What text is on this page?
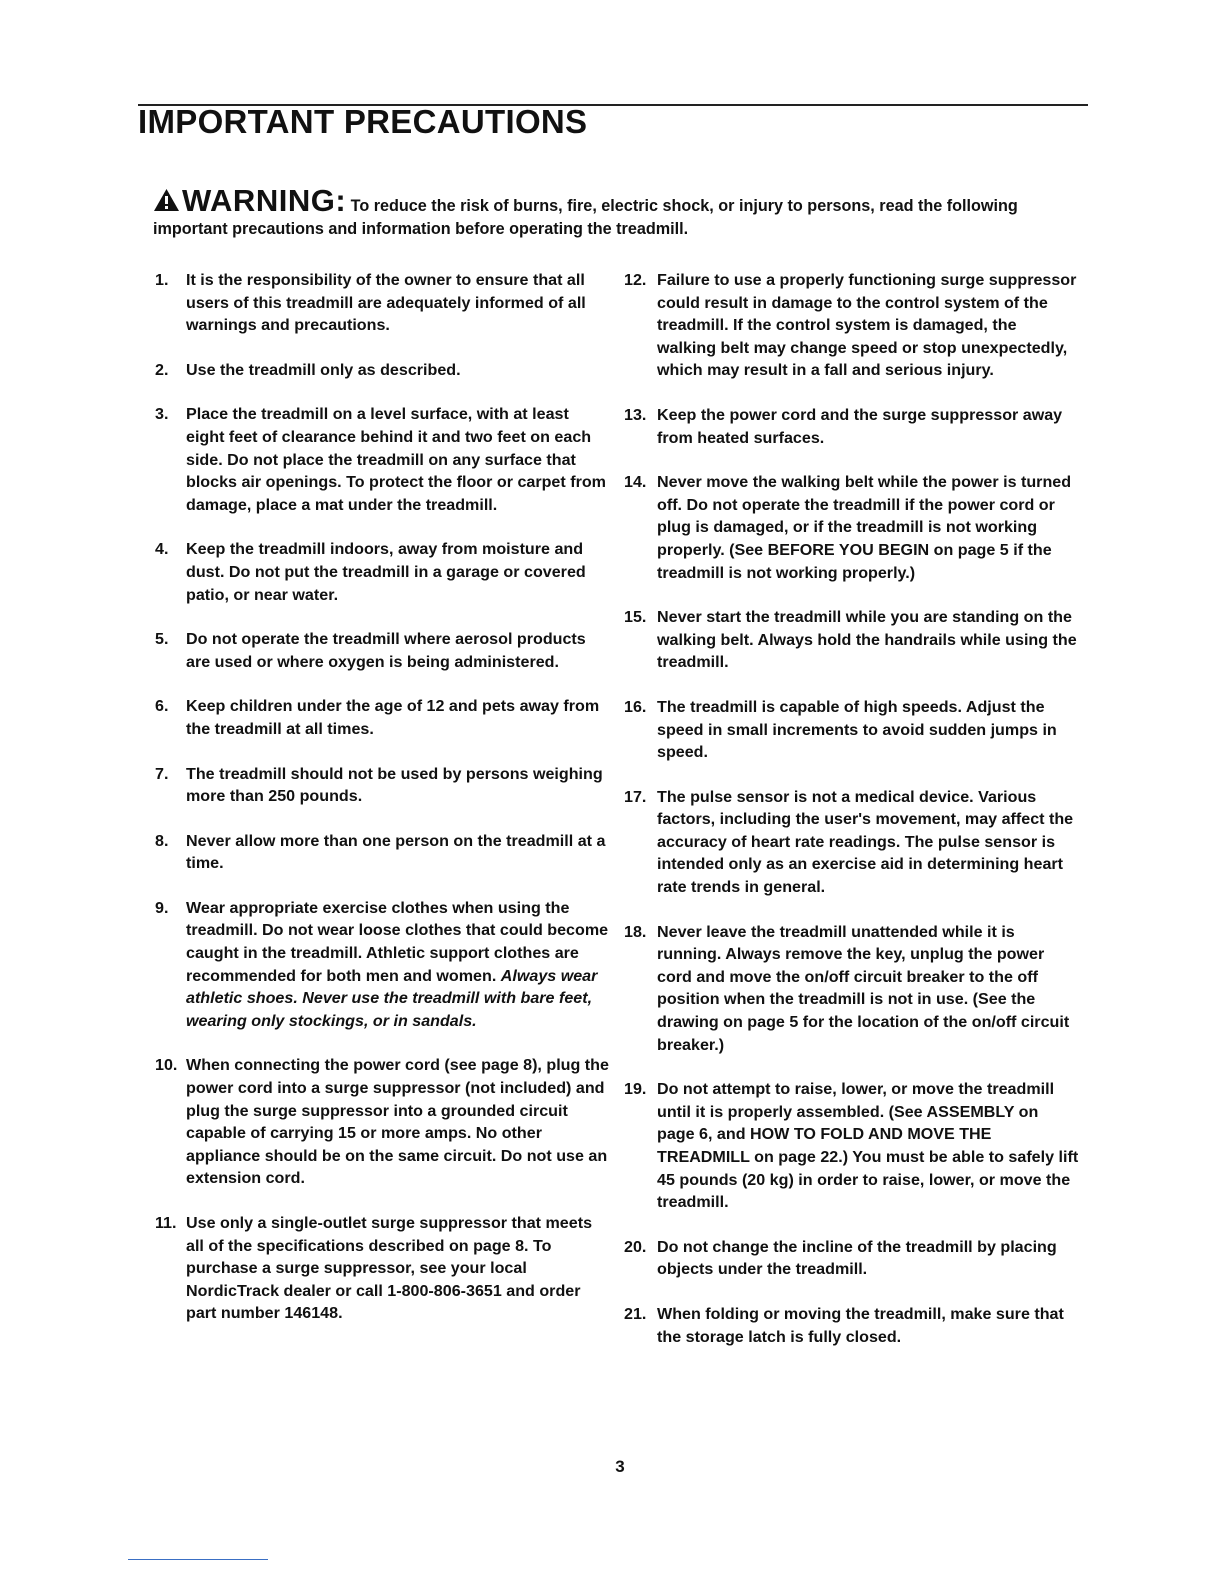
IMPORTANT PRECAUTIONS
WARNING: To reduce the risk of burns, fire, electric shock, or injury to persons, read the following important precautions and information before operating the treadmill.
1. It is the responsibility of the owner to ensure that all users of this treadmill are adequately informed of all warnings and precautions.
2. Use the treadmill only as described.
3. Place the treadmill on a level surface, with at least eight feet of clearance behind it and two feet on each side. Do not place the treadmill on any surface that blocks air openings. To protect the floor or carpet from damage, place a mat under the treadmill.
4. Keep the treadmill indoors, away from moisture and dust. Do not put the treadmill in a garage or covered patio, or near water.
5. Do not operate the treadmill where aerosol products are used or where oxygen is being administered.
6. Keep children under the age of 12 and pets away from the treadmill at all times.
7. The treadmill should not be used by persons weighing more than 250 pounds.
8. Never allow more than one person on the treadmill at a time.
9. Wear appropriate exercise clothes when using the treadmill. Do not wear loose clothes that could become caught in the treadmill. Athletic support clothes are recommended for both men and women. Always wear athletic shoes. Never use the treadmill with bare feet, wearing only stockings, or in sandals.
10. When connecting the power cord (see page 8), plug the power cord into a surge suppressor (not included) and plug the surge suppressor into a grounded circuit capable of carrying 15 or more amps. No other appliance should be on the same circuit. Do not use an extension cord.
11. Use only a single-outlet surge suppressor that meets all of the specifications described on page 8. To purchase a surge suppressor, see your local NordicTrack dealer or call 1-800-806-3651 and order part number 146148.
12. Failure to use a properly functioning surge suppressor could result in damage to the control system of the treadmill. If the control system is damaged, the walking belt may change speed or stop unexpectedly, which may result in a fall and serious injury.
13. Keep the power cord and the surge suppressor away from heated surfaces.
14. Never move the walking belt while the power is turned off. Do not operate the treadmill if the power cord or plug is damaged, or if the treadmill is not working properly. (See BEFORE YOU BEGIN on page 5 if the treadmill is not working properly.)
15. Never start the treadmill while you are standing on the walking belt. Always hold the handrails while using the treadmill.
16. The treadmill is capable of high speeds. Adjust the speed in small increments to avoid sudden jumps in speed.
17. The pulse sensor is not a medical device. Various factors, including the user's movement, may affect the accuracy of heart rate readings. The pulse sensor is intended only as an exercise aid in determining heart rate trends in general.
18. Never leave the treadmill unattended while it is running. Always remove the key, unplug the power cord and move the on/off circuit breaker to the off position when the treadmill is not in use. (See the drawing on page 5 for the location of the on/off circuit breaker.)
19. Do not attempt to raise, lower, or move the treadmill until it is properly assembled. (See ASSEMBLY on page 6, and HOW TO FOLD AND MOVE THE TREADMILL on page 22.) You must be able to safely lift 45 pounds (20 kg) in order to raise, lower, or move the treadmill.
20. Do not change the incline of the treadmill by placing objects under the treadmill.
21. When folding or moving the treadmill, make sure that the storage latch is fully closed.
3
